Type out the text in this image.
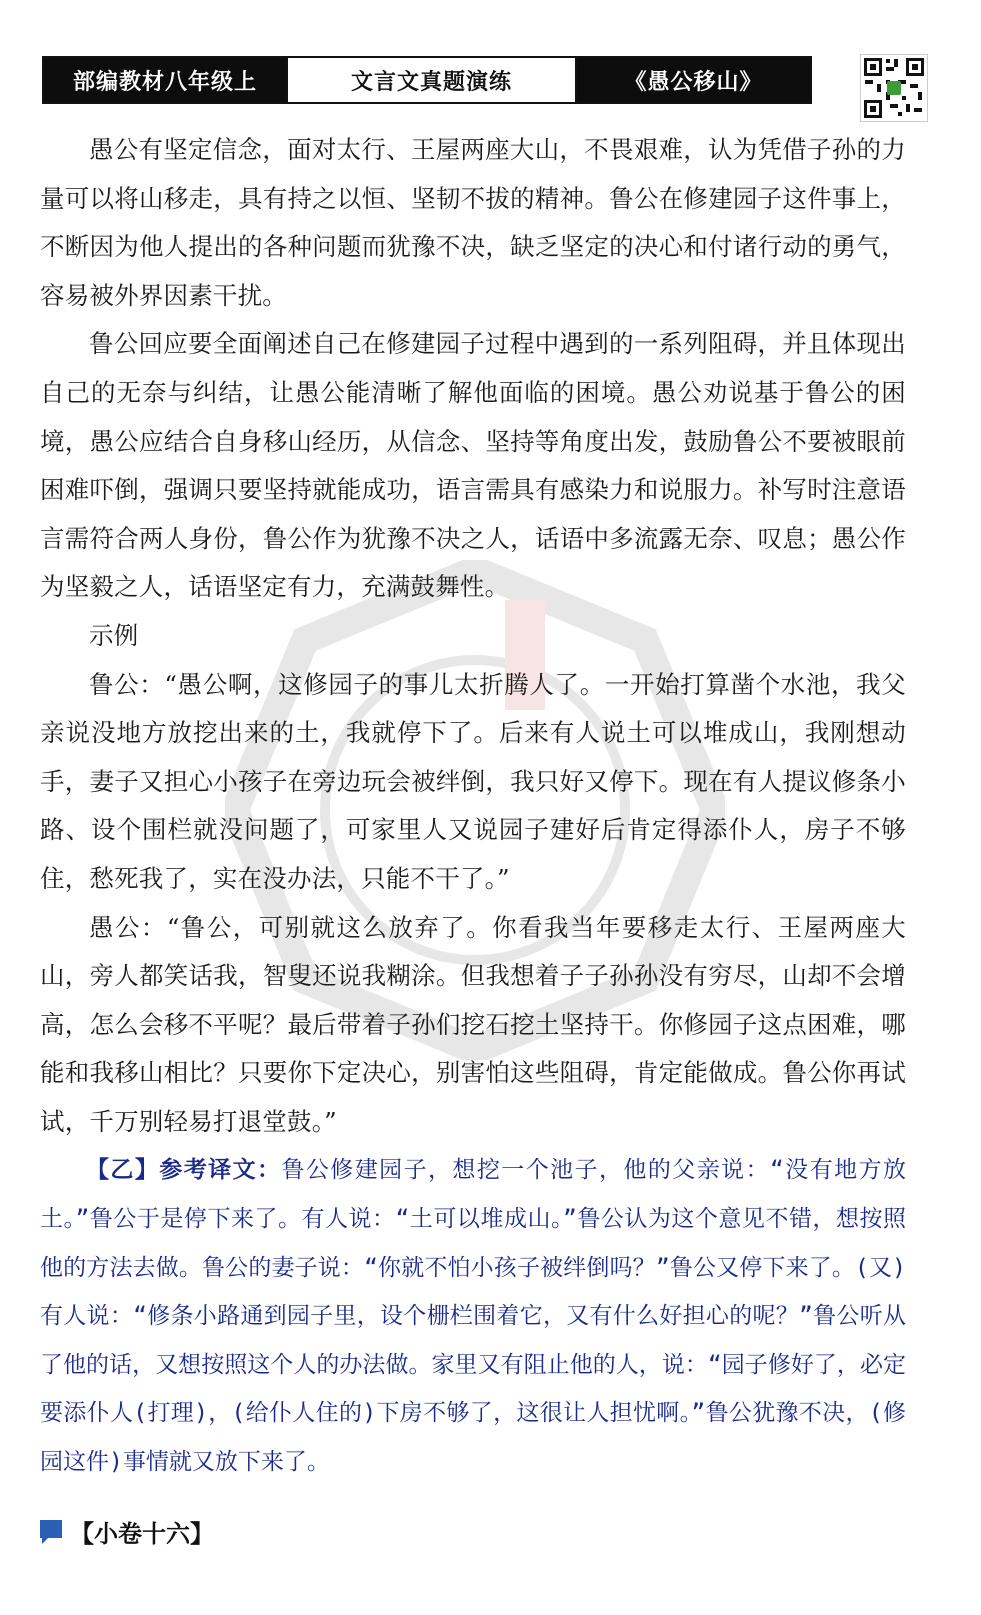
部编教材八年级上	文言文真题演练	《愚公移山》

愚公有坚定信念，面对太行、王屋两座大山，不畏艰难，认为凭借子孙的力量可以将山移走，具有持之以恒、坚韧不拔的精神。鲁公在修建园子这件事上，不断因为他人提出的各种问题而犹豫不决，缺乏坚定的决心和付诸行动的勇气，容易被外界因素干扰。

鲁公回应要全面阐述自己在修建园子过程中遇到的一系列阻碍，并且体现出自己的无奈与纠结，让愚公能清晰了解他面临的困境。愚公劝说基于鲁公的困境，愚公应结合自身移山经历，从信念、坚持等角度出发，鼓励鲁公不要被眼前困难吓倒，强调只要坚持就能成功，语言需具有感染力和说服力。补写时注意语言需符合两人身份，鲁公作为犹豫不决之人，话语中多流露无奈、叹息；愚公作为坚毅之人，话语坚定有力，充满鼓舞性。

示例

鲁公：“愚公啊，这修园子的事儿太折腾人了。一开始打算凿个水池，我父亲说没地方放挖出来的土，我就停下了。后来有人说土可以堆成山，我刚想动手，妻子又担心小孩子在旁边玩会被绊倒，我只好又停下。现在有人提议修条小路、设个围栏就没问题了，可家里人又说园子建好后肯定得添仆人，房子不够住，愁死我了，实在没办法，只能不干了。”

愚公：“鲁公，可别就这么放弃了。你看我当年要移走太行、王屋两座大山，旁人都笑话我，智叟还说我糊涂。但我想着子子孙孙没有穷尽，山却不会增高，怎么会移不平呢？最后带着子孙们挖石挖土坚持干。你修园子这点困难，哪能和我移山相比？只要你下定决心，别害怕这些阻碍，肯定能做成。鲁公你再试试，千万别轻易打退堂鼓。”

【乙】参考译文：鲁公修建园子，想挖一个池子，他的父亲说：“没有地方放土。”鲁公于是停下来了。有人说：“土可以堆成山。”鲁公认为这个意见不错，想按照他的方法去做。鲁公的妻子说：“你就不怕小孩子被绊倒吗？”鲁公又停下来了。(又)有人说：“修条小路通到园子里，设个栅栏围着它，又有什么好担心的呢？”鲁公听从了他的话，又想按照这个人的办法做。家里又有阻止他的人，说：“园子修好了，必定要添仆人(打理)，(给仆人住的)下房不够了，这很让人担忧啊。”鲁公犹豫不决，(修园这件)事情就又放下来了。

【小卷十六】
